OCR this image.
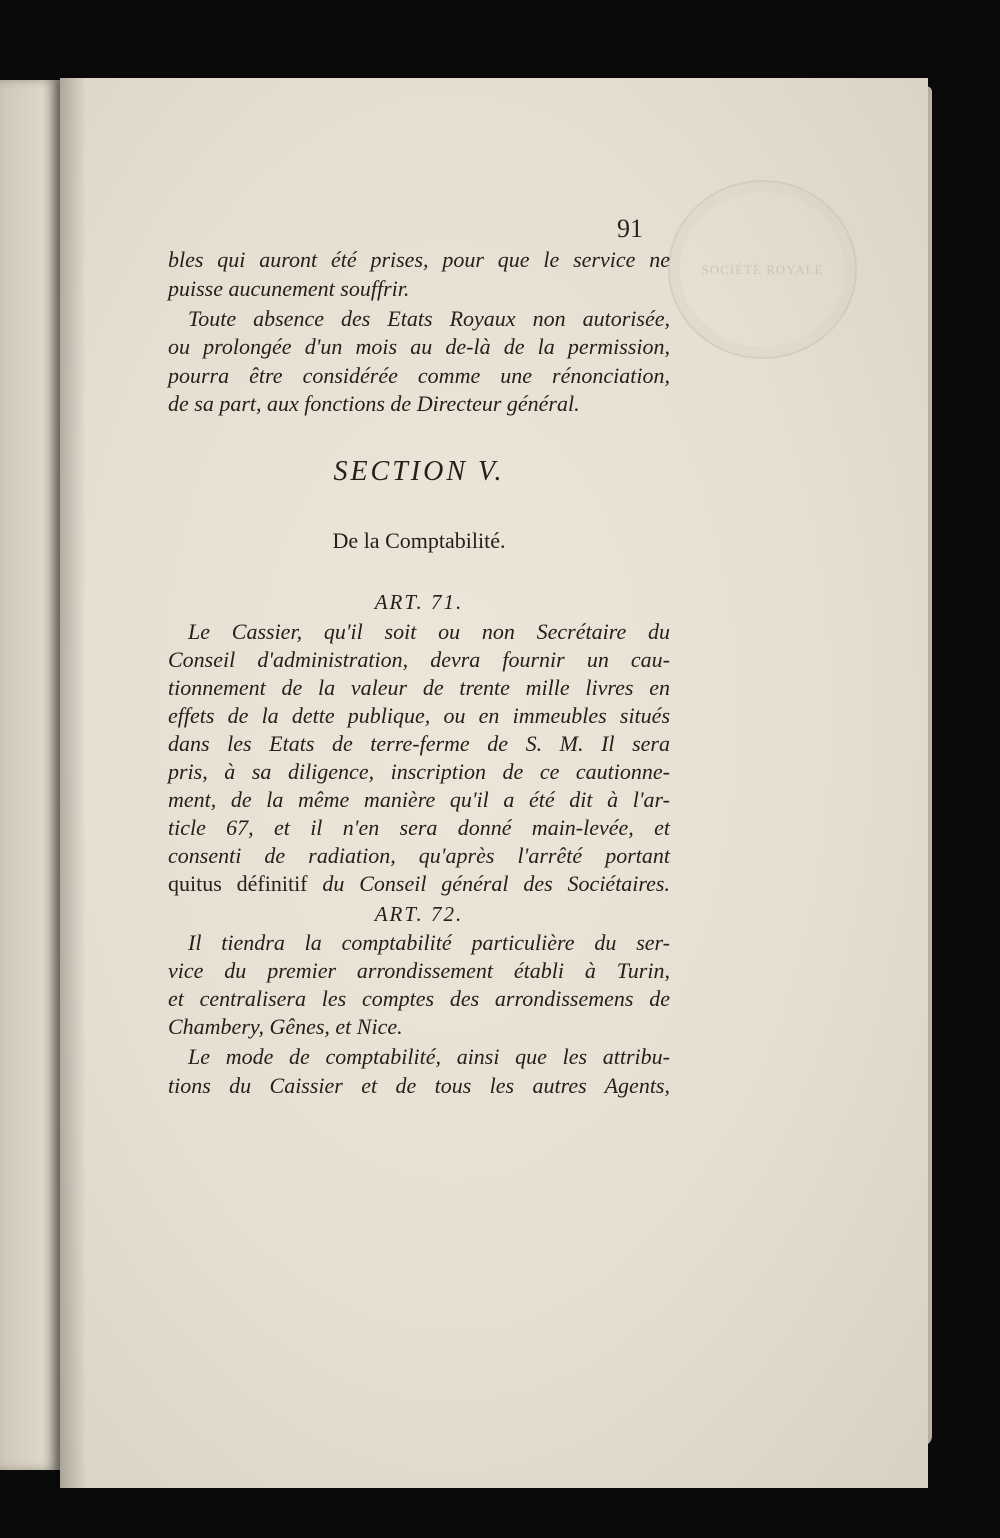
SOCIÉTÉ ROYALE
91

bles qui auront été prises, pour que le service ne

puisse aucunement souffrir.

Toute absence des Etats Royaux non autorisée,

ou prolongée d'un mois au de-là de la permission,

pourra être considérée comme une rénonciation,

de sa part, aux fonctions de Directeur général.

SECTION V.
De la Comptabilité.
ART. 71.

Le Cassier, qu'il soit ou non Secrétaire du

Conseil d'administration, devra fournir un cau-

tionnement de la valeur de trente mille livres en

effets de la dette publique, ou en immeubles situés

dans les Etats de terre-ferme de S. M. Il sera

pris, à sa diligence, inscription de ce cautionne-

ment, de la même manière qu'il a été dit à l'ar-

ticle 67, et il n'en sera donné main-levée, et

consenti de radiation, qu'après l'arrêté portant

quitus définitif du Conseil général des Sociétaires.

ART. 72.

Il tiendra la comptabilité particulière du ser-

vice du premier arrondissement établi à Turin,

et centralisera les comptes des arrondissemens de

Chambery, Gênes, et Nice.

Le mode de comptabilité, ainsi que les attribu-

tions du Caissier et de tous les autres Agents,
